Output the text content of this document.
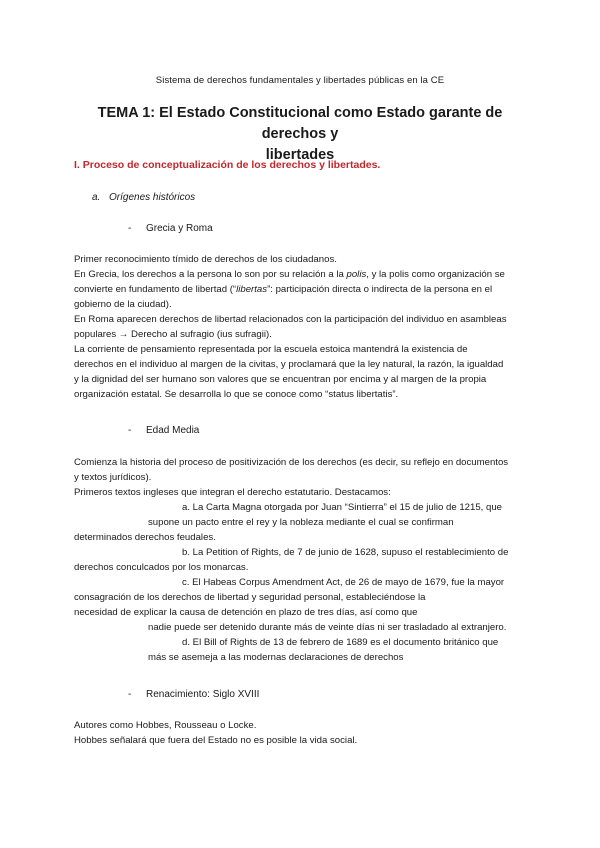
Sistema de derechos fundamentales y libertades públicas en la CE
TEMA 1: El Estado Constitucional como Estado garante de derechos y
libertades
I. Proceso de conceptualización de los derechos y libertades.
a. Orígenes históricos
- Grecia y Roma

Primer reconocimiento tímido de derechos de los ciudadanos.

En Grecia, los derechos a la persona lo son por su relación a la polis, y la polis como organización se

convierte en fundamento de libertad (“libertas”: participación directa o indirecta de la persona en el

gobierno de la ciudad).

En Roma aparecen derechos de libertad relacionados con la participación del individuo en asambleas

populares → Derecho al sufragio (ius sufragii).

La corriente de pensamiento representada por la escuela estoica mantendrá la existencia de

derechos en el individuo al margen de la civitas, y proclamará que la ley natural, la razón, la igualdad

y la dignidad del ser humano son valores que se encuentran por encima y al margen de la propia

organización estatal. Se desarrolla lo que se conoce como “status libertatis”.

- Edad Media

Comienza la historia del proceso de positivización de los derechos (es decir, su reflejo en documentos

y textos jurídicos).

Primeros textos ingleses que integran el derecho estatutario. Destacamos:

a. La Carta Magna otorgada por Juan “Sintierra” el 15 de julio de 1215, que

supone un pacto entre el rey y la nobleza mediante el cual se confirman

determinados derechos feudales.

b. La Petition of Rights, de 7 de junio de 1628, supuso el restablecimiento de

derechos conculcados por los monarcas.

c. El Habeas Corpus Amendment Act, de 26 de mayo de 1679, fue la mayor

consagración de los derechos de libertad y seguridad personal, estableciéndose la

necesidad de explicar la causa de detención en plazo de tres días, así como que

nadie puede ser detenido durante más de veinte días ni ser trasladado al extranjero.

d. El Bill of Rights de 13 de febrero de 1689 es el documento británico que

más se asemeja a las modernas declaraciones de derechos

- Renacimiento: Siglo XVIII

Autores como Hobbes, Rousseau o Locke.

Hobbes señalará que fuera del Estado no es posible la vida social.
